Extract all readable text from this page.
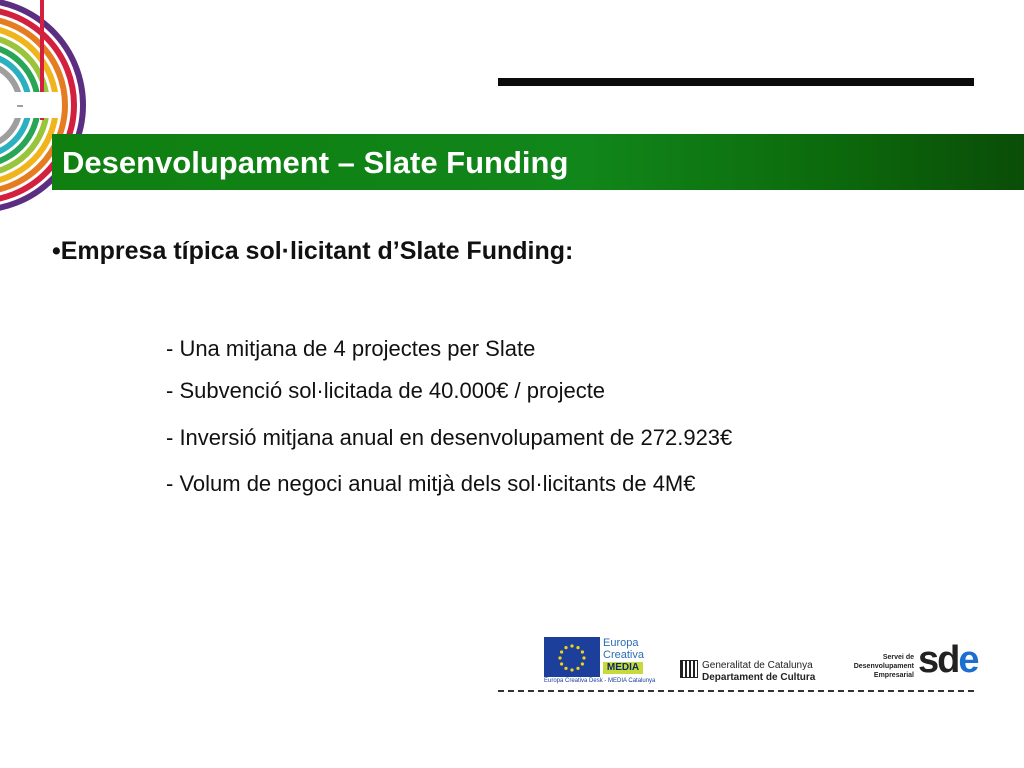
Desenvolupament – Slate Funding
•Empresa típica sol·licitant d’Slate Funding:
- Una mitjana de 4 projectes per Slate
- Subvenció sol·licitada de 40.000€ / projecte
- Inversió mitjana anual en desenvolupament de 272.923€
- Volum de negoci anual mitjà dels sol·licitants de 4M€
Europa
Creativa
MEDIA
Europa Creativa Desk - MEDIA Catalunya
Generalitat de Catalunya
Departament de Cultura
Servei de
Desenvolupament
Empresarial sde
